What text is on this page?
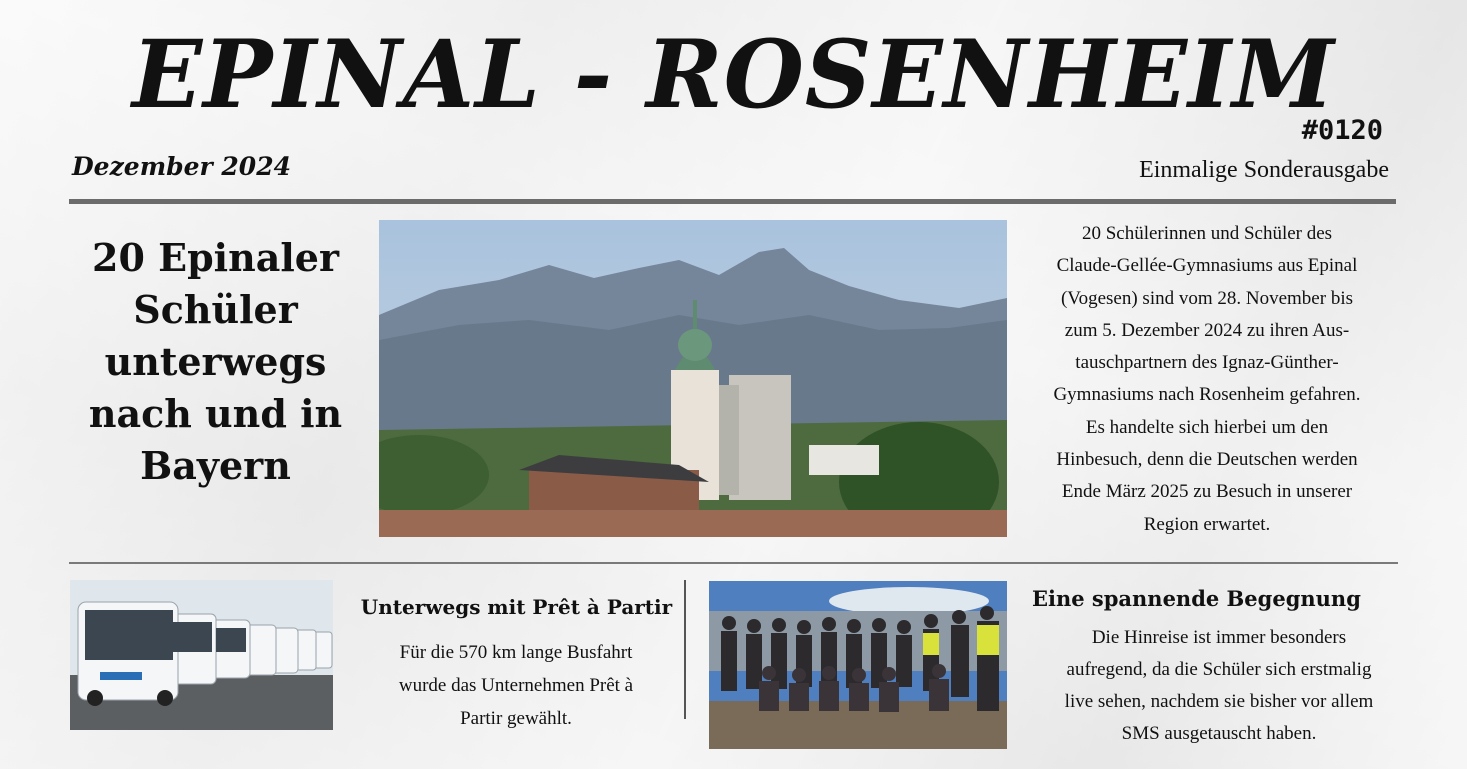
EPINAL - ROSENHEIM
#0120
Dezember 2024	Einmalige Sonderausgabe
20 Epinaler Schüler unterwegs nach und in Bayern
20 Schülerinnen und Schüler des
Claude-Gellée-Gymnasiums aus Epinal
(Vogesen) sind vom 28. November bis
zum 5. Dezember 2024 zu ihren Aus-
tauschpartnern des Ignaz-Günther-
Gymnasiums nach Rosenheim gefahren.
Es handelte sich hierbei um den
Hinbesuch, denn die Deutschen werden
Ende März 2025 zu Besuch in unserer
Region erwartet.
Unterwegs mit Prêt à Partir
Für die 570 km lange Busfahrt
wurde das Unternehmen Prêt à
Partir gewählt.
Eine spannende Begegnung
Die Hinreise ist immer besonders
aufregend, da die Schüler sich erstmalig
live sehen, nachdem sie bisher vor allem
SMS ausgetauscht haben.
